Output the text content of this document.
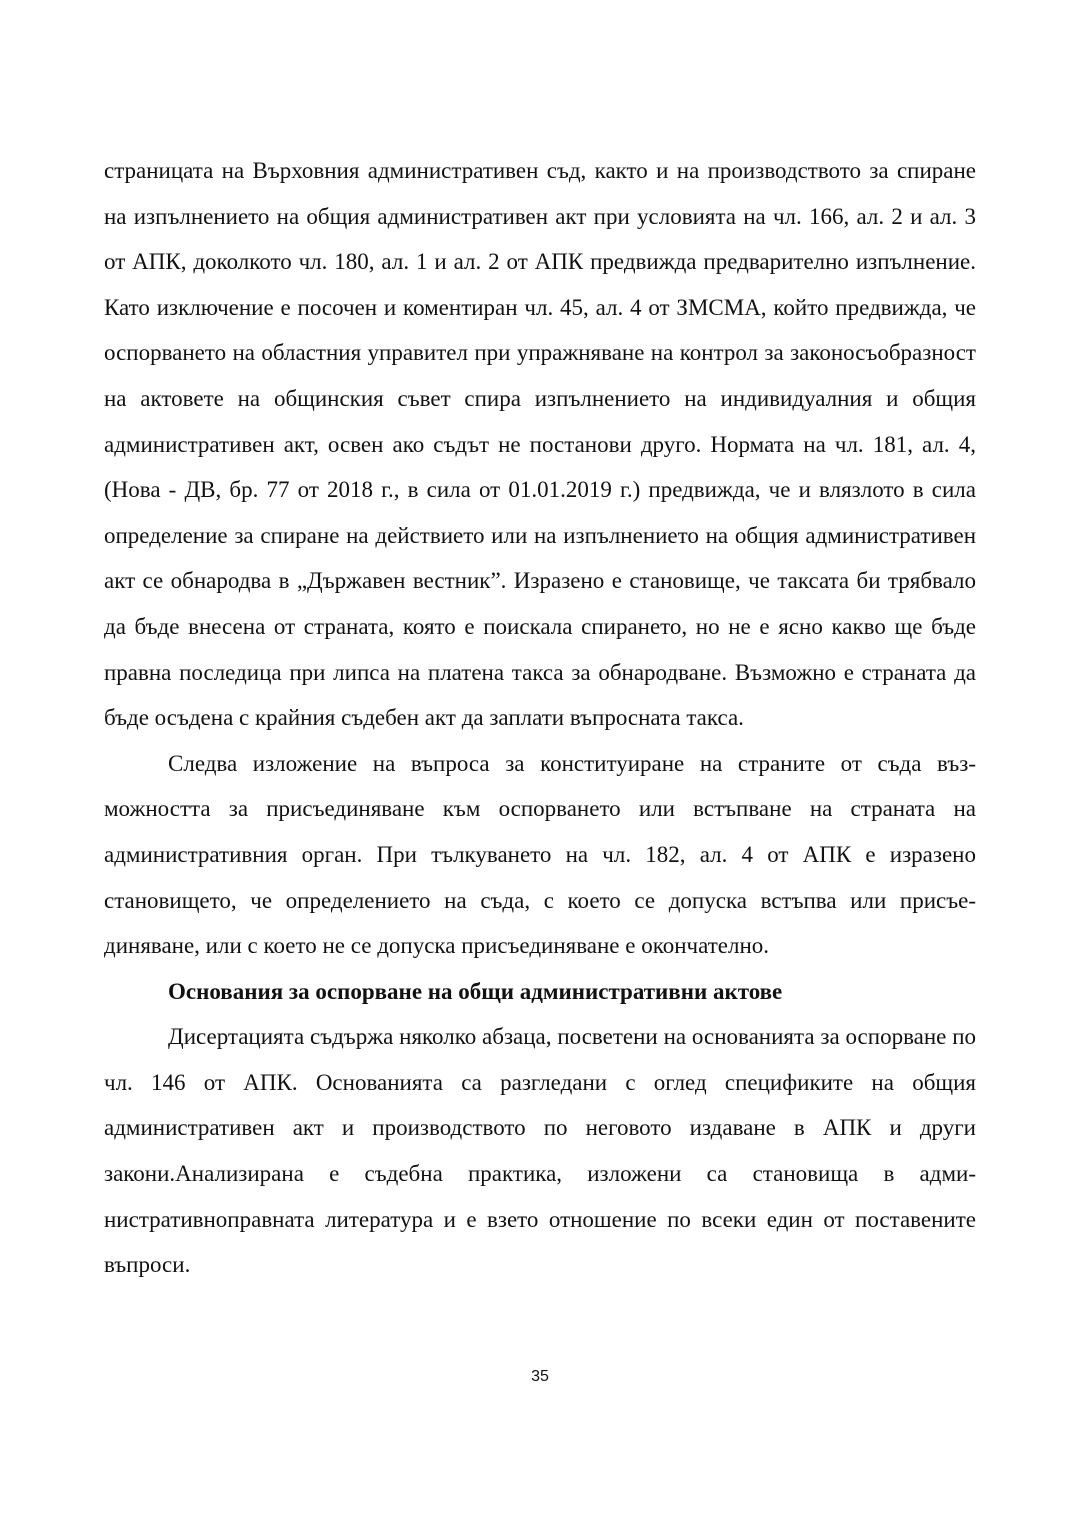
страницата на Върховния административен съд, както и на производството за спиране на изпълнението на общия административен акт при условията на чл. 166, ал. 2 и ал. 3 от АПК, доколкото чл. 180, ал. 1 и ал. 2 от АПК предвижда предварително изпълнение. Като изключение е посочен и коментиран чл. 45, ал. 4 от ЗМСМА, който предвижда, че оспорването на областния управител при упражняване на контрол за законосъобразност на актовете на общинския съвет спира изпълнението на индивидуалния и общия административен акт, освен ако съдът не постанови друго. Нормата на чл. 181, ал. 4, (Нова - ДВ, бр. 77 от 2018 г., в сила от 01.01.2019 г.) предвижда, че и влязлото в сила определение за спиране на действието или на изпълнението на общия административен акт се обнародва в „Държавен вестник”. Изразено е становище, че таксата би трябвало да бъде внесена от страната, която е поискала спирането, но не е ясно какво ще бъде правна последица при липса на платена такса за обнародване. Възможно е страната да бъде осъдена с крайния съдебен акт да заплати въпросната такса.

Следва изложение на въпроса за конституиране на страните от съда възможността за присъединяване към оспорването или встъпване на страната на административния орган. При тълкуването на чл. 182, ал. 4 от АПК е изразено становището, че определението на съда, с което се допуска встъпва или присъединяване, или с което не се допуска присъединяване е окончателно.

Основания за оспорване на общи административни актове

Дисертацията съдържа няколко абзаца, посветени на основанията за оспорване по чл. 146 от АПК. Основанията са разгледани с оглед спецификите на общия административен акт и производството по неговото издаване в АПК и други закони.Анализирана е съдебна практика, изложени са становища в административноправната литература и е взето отношение по всеки един от поставените въпроси.

35
